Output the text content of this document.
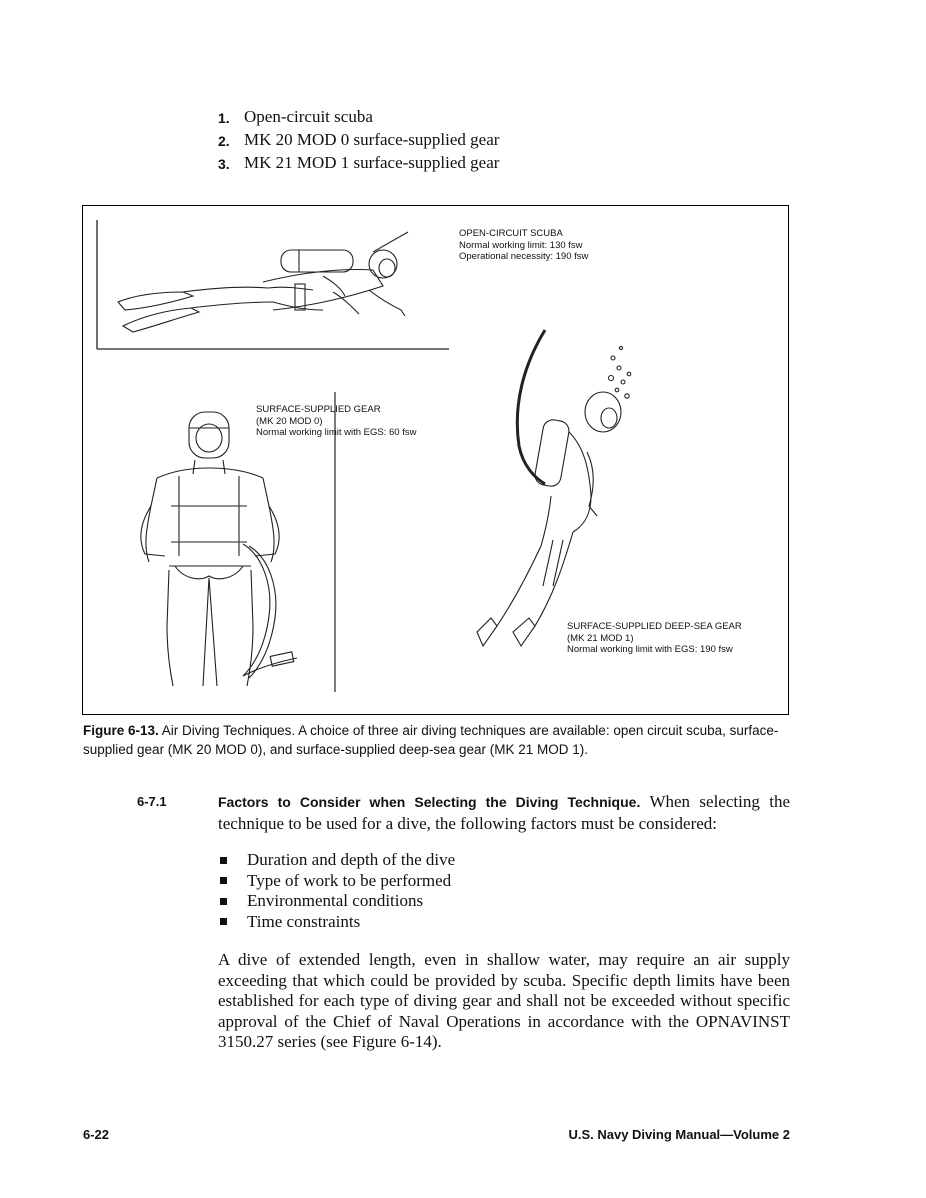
1. Open-circuit scuba
2. MK 20 MOD 0 surface-supplied gear
3. MK 21 MOD 1 surface-supplied gear
OPEN-CIRCUIT SCUBA
Normal working limit: 130 fsw
Operational necessity: 190 fsw
SURFACE-SUPPLIED GEAR
(MK 20 MOD 0)
Normal working limit with EGS: 60 fsw
SURFACE-SUPPLIED DEEP-SEA GEAR
(MK 21 MOD 1)
Normal working limit with EGS: 190 fsw
Figure 6-13. Air Diving Techniques. A choice of three air diving techniques are available: open circuit scuba, surface-supplied gear (MK 20 MOD 0), and surface-supplied deep-sea gear (MK 21 MOD 1).
6-7.1	Factors to Consider when Selecting the Diving Technique. When selecting the technique to be used for a dive, the following factors must be considered:
Duration and depth of the dive
Type of work to be performed
Environmental conditions
Time constraints
A dive of extended length, even in shallow water, may require an air supply exceeding that which could be provided by scuba. Specific depth limits have been established for each type of diving gear and shall not be exceeded without specific approval of the Chief of Naval Operations in accordance with the OPNAVINST 3150.27 series (see Figure 6-14).
6-22	U.S. Navy Diving Manual—Volume 2
